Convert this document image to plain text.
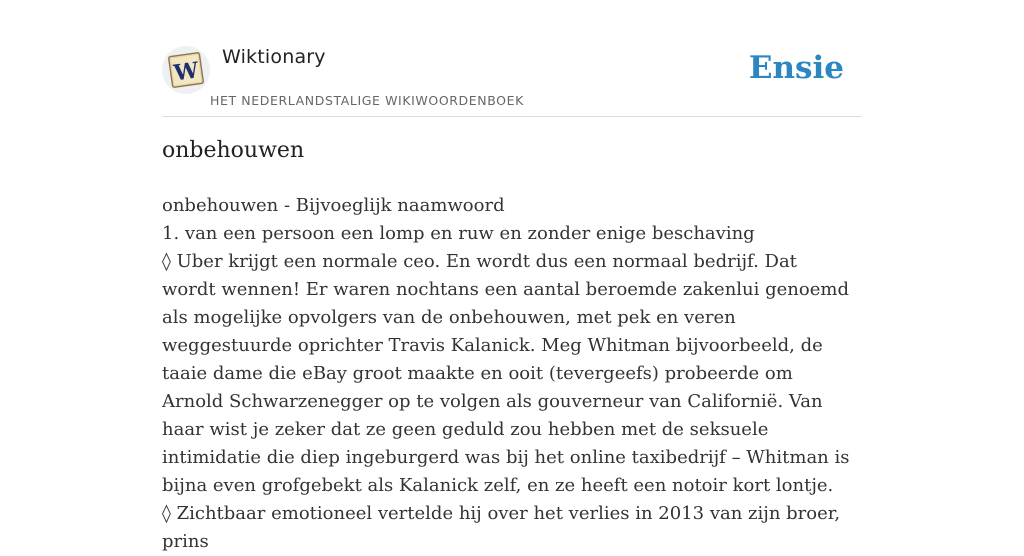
W
Wiktionary
HET NEDERLANDSTALIGE WIKIWOORDENBOEK
Ensie
onbehouwen
onbehouwen - Bijvoeglijk naamwoord
1. van een persoon een lomp en ruw en zonder enige beschaving
◊ Uber krijgt een normale ceo. En wordt dus een normaal bedrijf. Dat wordt wennen! Er waren nochtans een aantal beroemde zakenlui genoemd als mogelijke opvolgers van de onbehouwen, met pek en veren weggestuurde oprichter Travis Kalanick. Meg Whitman bijvoorbeeld, de taaie dame die eBay groot maakte en ooit (tevergeefs) probeerde om Arnold Schwarzenegger op te volgen als gouverneur van Californië. Van haar wist je zeker dat ze geen geduld zou hebben met de seksuele intimidatie die diep ingeburgerd was bij het online taxibedrijf – Whitman is bijna even grofgebekt als Kalanick zelf, en ze heeft een notoir kort lontje.
◊ Zichtbaar emotioneel vertelde hij over het verlies in 2013 van zijn broer, prins
